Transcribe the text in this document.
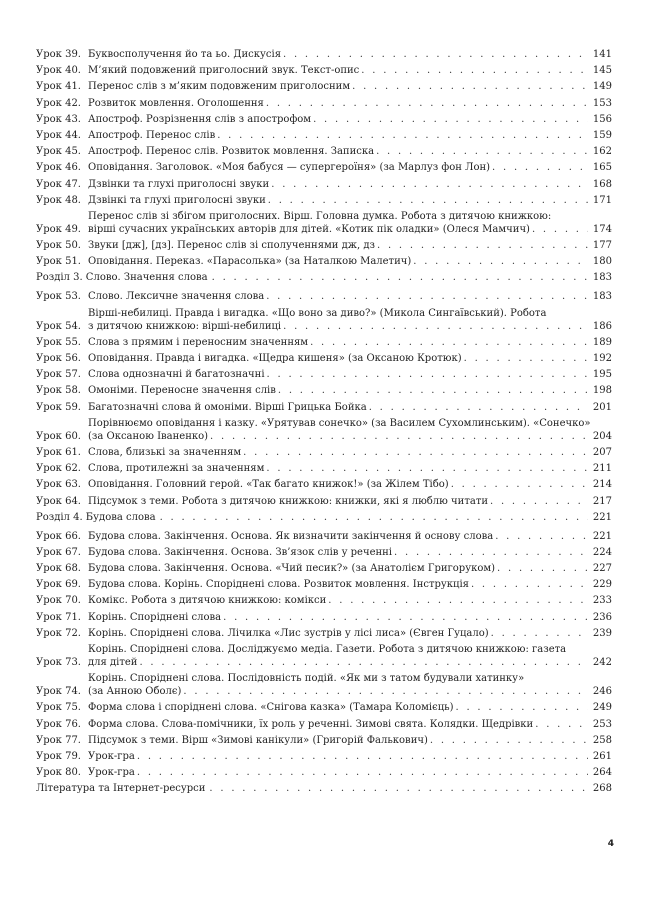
Урок 39. Буквосполучення йо та ьо. Дискусія . . .	141
Урок 40. М’який подовжений приголосний звук. Текст-опис . . .	145
Урок 41. Перенос слів з м’яким подовженим приголосним . . .	149
Урок 42. Розвиток мовлення. Оголошення . . .	153
Урок 43. Апостроф. Розрізнення слів з апострофом . . .	156
Урок 44. Апостроф. Перенос слів . . .	159
Урок 45. Апостроф. Перенос слів. Розвиток мовлення. Записка . . .	162
Урок 46. Оповідання. Заголовок. «Моя бабуся — супергероїня» (за Марлуз фон Лон) . . .	165
Урок 47. Дзвінки та глухі приголосні звуки . . .	168
Урок 48. Дзвінкі та глухі приголосні звуки . . .	171
Урок 49.
Перенос слів зі збігом приголосних. Вірш. Головна думка. Робота з дитячою книжкою:
вірші сучасних українських авторів для дітей. «Котик пік оладки» (Олеся Мамчич) . . .	174
Урок 50. Звуки [дж], [дз]. Перенос слів зі сполученнями дж, дз . . .	177
Урок 51. Оповідання. Переказ. «Парасолька» (за Наталкою Малетич) . . .	180
Розділ 3. Слово. Значення слова . . .	183
Урок 53. Слово. Лексичне значення слова . . .	183
Урок 54.
Вірші-небилиці. Правда і вигадка. «Що воно за диво?» (Микола Сингаївський). Робота
з дитячою книжкою: вірші-небилиці . . .	186
Урок 55. Слова з прямим і переносним значенням . . .	189
Урок 56. Оповідання. Правда і вигадка. «Щедра кишеня» (за Оксаною Кротюк) . . .	192
Урок 57. Слова однозначні й багатозначні . . .	195
Урок 58. Омоніми. Переносне значення слів . . .	198
Урок 59. Багатозначні слова й омоніми. Вірші Грицька Бойка . . .	201
Урок 60.
Порівнюємо оповідання і казку. «Урятував сонечко» (за Василем Сухомлинським). «Сонечко»
(за Оксаною Іваненко) . . .	204
Урок 61. Слова, близькі за значенням . . .	207
Урок 62. Слова, протилежні за значенням . . .	211
Урок 63. Оповідання. Головний герой. «Так багато книжок!» (за Жілем Тібо) . . .	214
Урок 64. Підсумок з теми. Робота з дитячою книжкою: книжки, які я люблю читати . . .	217
Розділ 4. Будова слова . . .	221
Урок 66. Будова слова. Закінчення. Основа. Як визначити закінчення й основу слова . . .	221
Урок 67. Будова слова. Закінчення. Основа. Зв’язок слів у реченні . . .	224
Урок 68. Будова слова. Закінчення. Основа. «Чий песик?» (за Анатолієм Григоруком) . . .	227
Урок 69. Будова слова. Корінь. Споріднені слова. Розвиток мовлення. Інструкція . . .	229
Урок 70. Комікс. Робота з дитячою книжкою: комікси . . .	233
Урок 71. Корінь. Споріднені слова . . .	236
Урок 72. Корінь. Споріднені слова. Лічилка «Лис зустрів у лісі лиса» (Євген Гуцало) . . .	239
Урок 73.
Корінь. Споріднені слова. Досліджуємо медіа. Газети. Робота з дитячою книжкою: газета
для дітей . . .	242
Урок 74.
Корінь. Споріднені слова. Послідовність подій. «Як ми з татом будували хатинку»
(за Анною Оболє) . . .	246
Урок 75. Форма слова і споріднені слова. «Снігова казка» (Тамара Коломієць) . . .	249
Урок 76. Форма слова. Слова-помічники, їх роль у реченні. Зимові свята. Колядки. Щедрівки . . .	253
Урок 77. Підсумок з теми. Вірш «Зимові канікули» (Григорій Фалькович) . . .	258
Урок 79. Урок-гра . . .	261
Урок 80. Урок-гра . . .	264
Література та Інтернет-ресурси . . .	268
4
